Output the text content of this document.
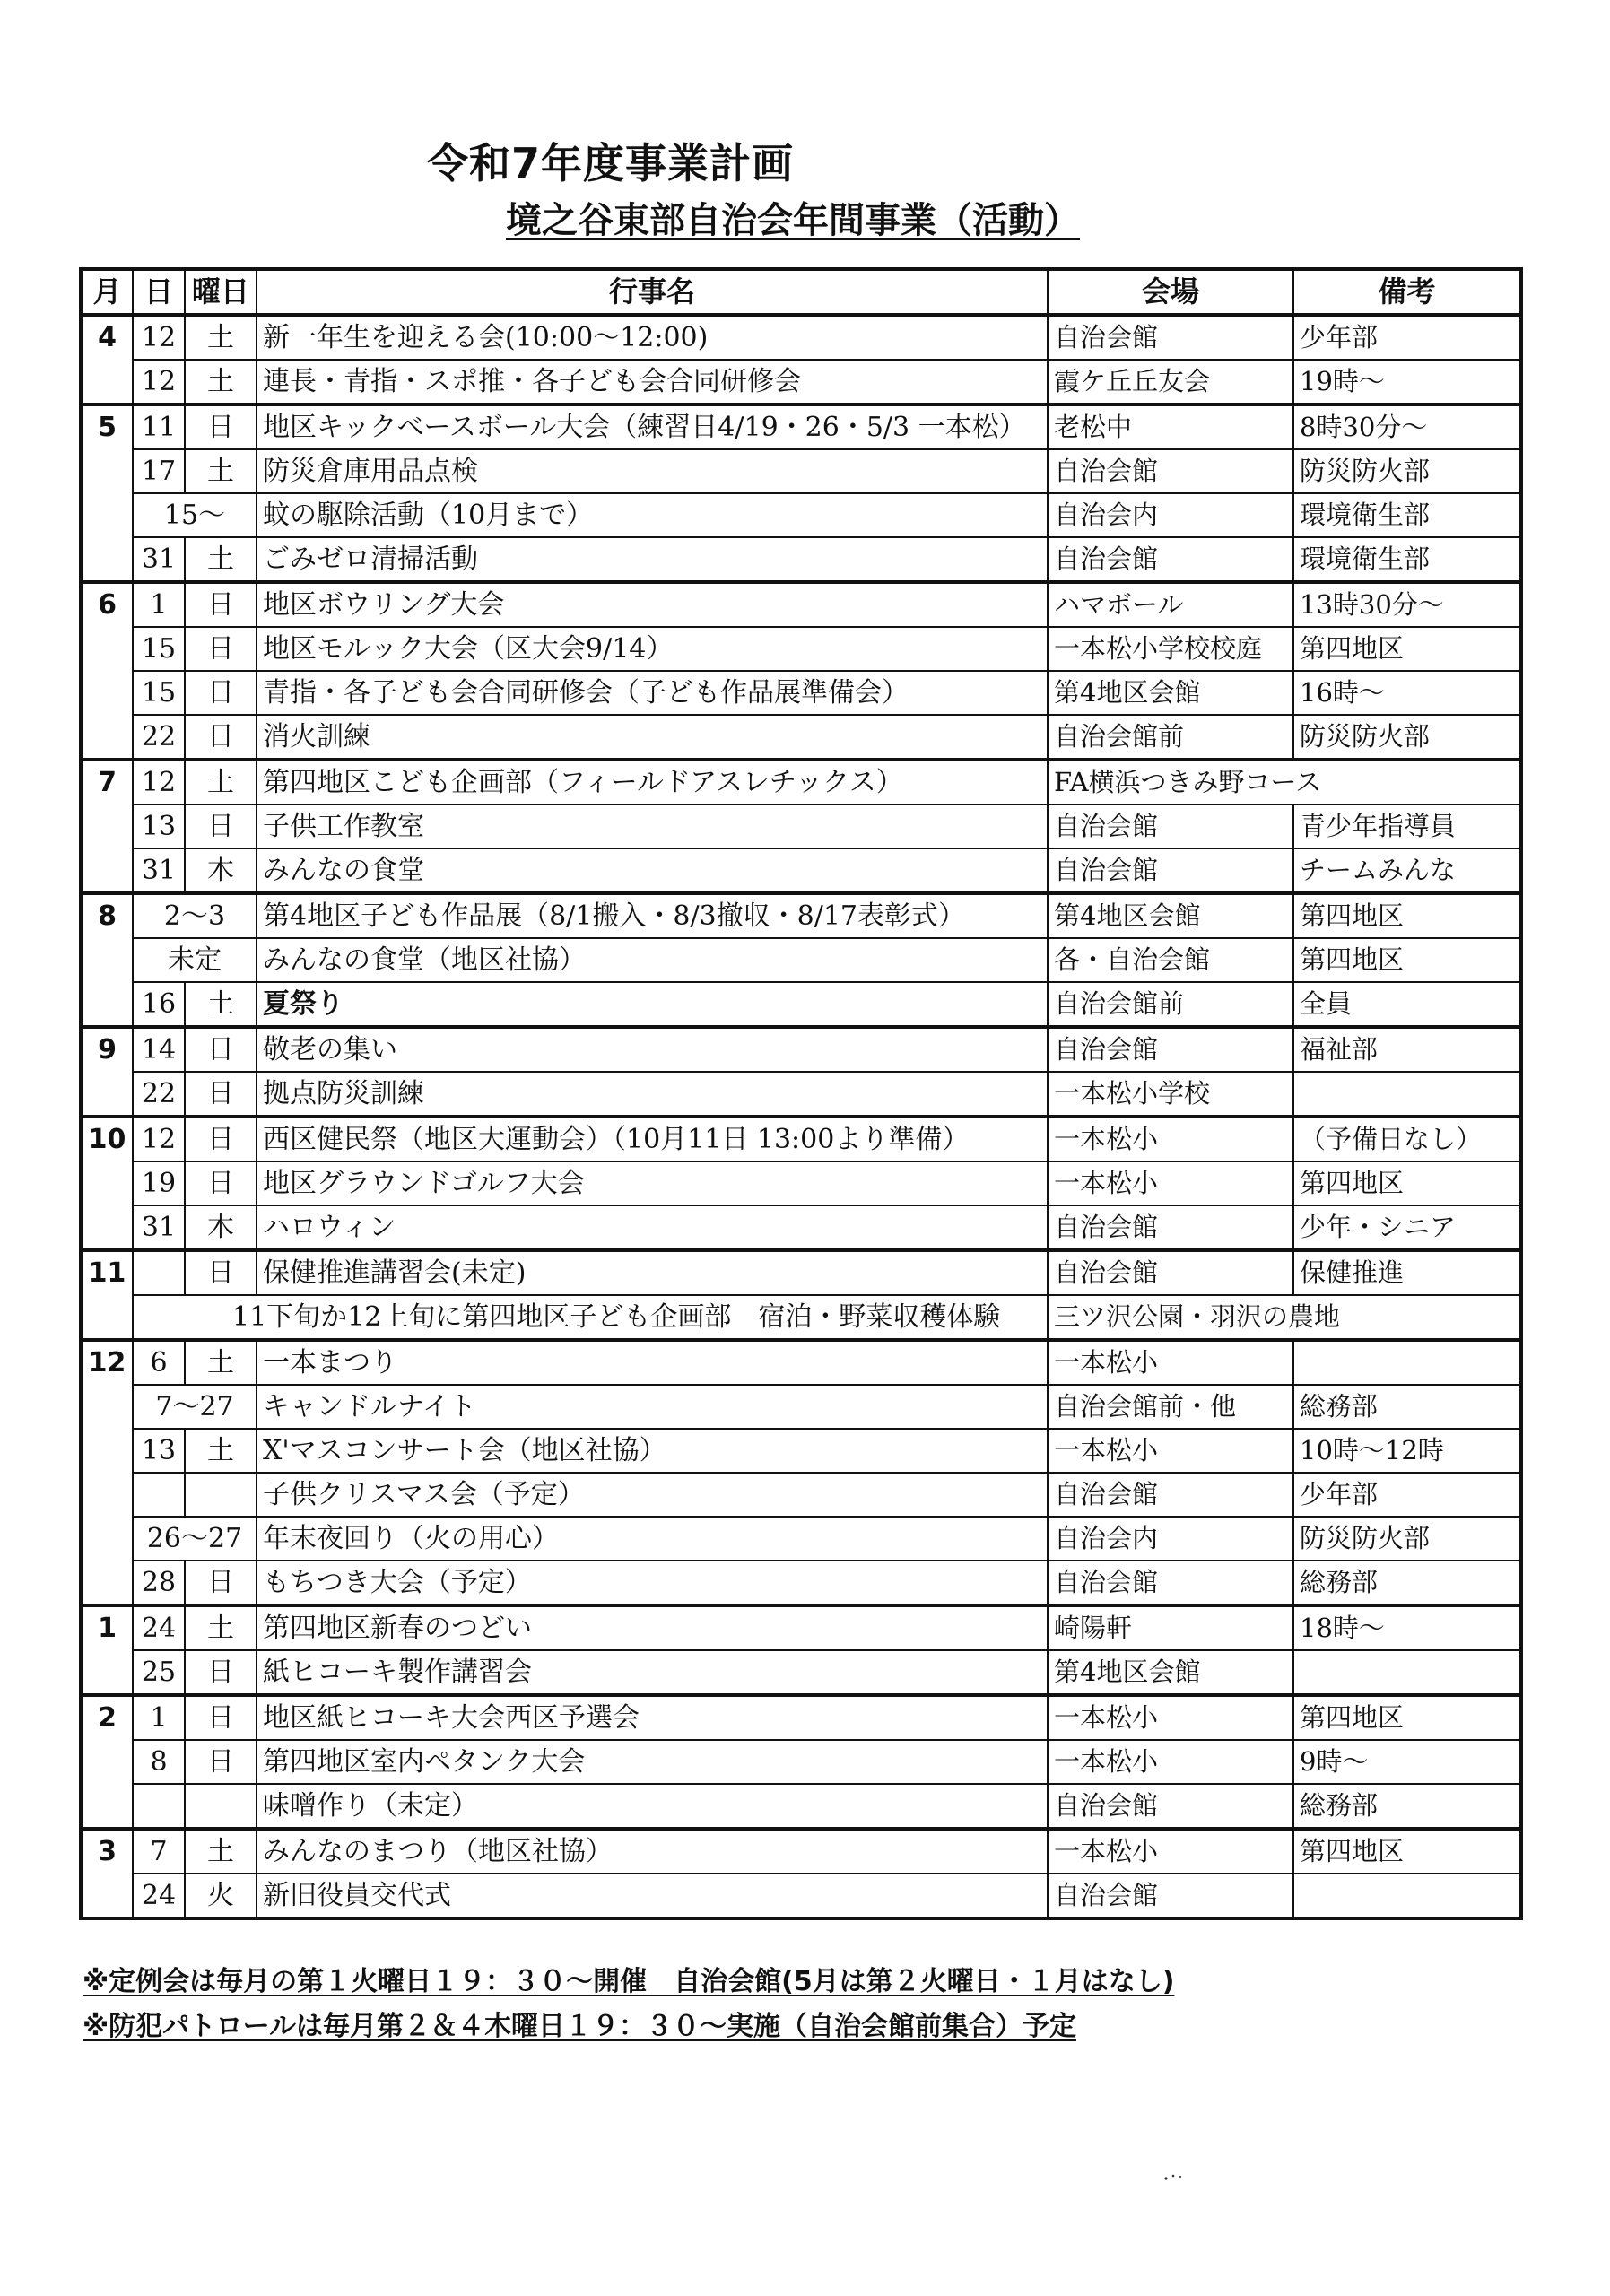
令和7年度事業計画
境之谷東部自治会年間事業（活動）
月	日	曜日	行事名	会場	備考
4	12	土	新一年生を迎える会(10:00～12:00)	自治会館	少年部
	12	土	連長・青指・スポ推・各子ども会合同研修会	霞ケ丘丘友会	19時～
5	11	日	地区キックベースボール大会（練習日4/19・26・5/3 一本松）	老松中	8時30分～
	17	土	防災倉庫用品点検	自治会館	防災防火部
	15～		蚊の駆除活動（10月まで）	自治会内	環境衛生部
	31	土	ごみゼロ清掃活動	自治会館	環境衛生部
6	1	日	地区ボウリング大会	ハマボール	13時30分～
	15	日	地区モルック大会（区大会9/14）	一本松小学校校庭	第四地区
	15	日	青指・各子ども会合同研修会（子ども作品展準備会）	第4地区会館	16時～
	22	日	消火訓練	自治会館前	防災防火部
7	12	土	第四地区こども企画部（フィールドアスレチックス）	FA横浜つきみ野コース	
	13	日	子供工作教室	自治会館	青少年指導員
	31	木	みんなの食堂	自治会館	チームみんな
8	2～3		第4地区子ども作品展（8/1搬入・8/3撤収・8/17表彰式）	第4地区会館	第四地区
	未定		みんなの食堂（地区社協）	各・自治会館	第四地区
	16	土	夏祭り	自治会館前	全員
9	14	日	敬老の集い	自治会館	福祉部
	22	日	拠点防災訓練	一本松小学校	
10	12	日	西区健民祭（地区大運動会）（10月11日 13:00より準備）	一本松小	（予備日なし）
	19	日	地区グラウンドゴルフ大会	一本松小	第四地区
	31	木	ハロウィン	自治会館	少年・シニア
11		日	保健推進講習会(未定)	自治会館	保健推進
	11下旬か12上旬に第四地区子ども企画部　宿泊・野菜収穫体験			三ツ沢公園・羽沢の農地	
12	6	土	一本まつり	一本松小	
	7～27		キャンドルナイト	自治会館前・他	総務部
	13	土	X'マスコンサート会（地区社協）	一本松小	10時～12時
			子供クリスマス会（予定）	自治会館	少年部
	26～27		年末夜回り（火の用心）	自治会内	防災防火部
	28	日	もちつき大会（予定）	自治会館	総務部
1	24	土	第四地区新春のつどい	崎陽軒	18時～
	25	日	紙ヒコーキ製作講習会	第4地区会館	
2	1	日	地区紙ヒコーキ大会西区予選会	一本松小	第四地区
	8	日	第四地区室内ペタンク大会	一本松小	9時～
			味噌作り（未定）	自治会館	総務部
3	7	土	みんなのまつり（地区社協）	一本松小	第四地区
	24	火	新旧役員交代式	自治会館	

※定例会は毎月の第１火曜日１９：３０～開催　自治会館(5月は第２火曜日・１月はなし)

※防犯パトロールは毎月第２＆４木曜日１９：３０～実施（自治会館前集合）予定
